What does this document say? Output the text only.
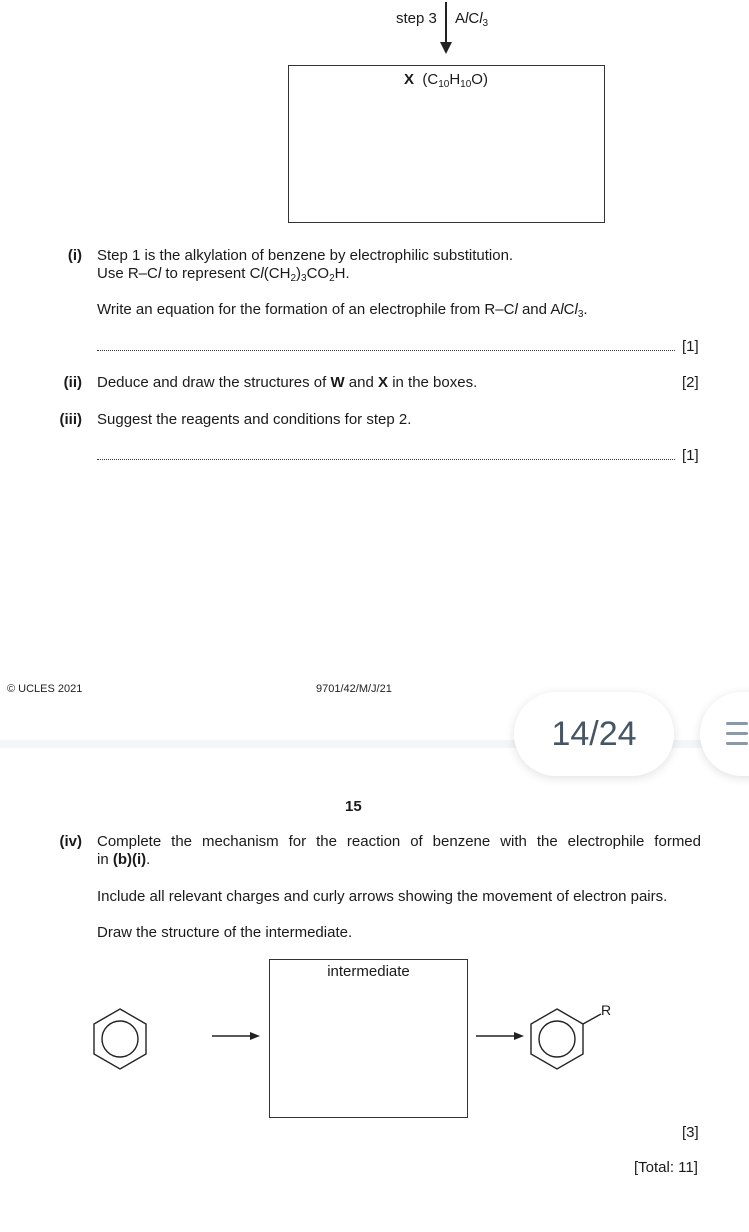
step 3 AlCl$_3$
X $(C_{10}H_{10}O)$
(i) Step 1 is the alkylation of benzene by electrophilic substitution.
Use R–Cl to represent $Cl(CH_2)_3CO_2H$.
Write an equation for the formation of an electrophile from R–Cl and AlCl$_3$.
[1]
(ii) Deduce and draw the structures of W and X in the boxes.	[2]
(iii) Suggest the reagents and conditions for step 2.
[1]
© UCLES 2021	9701/42/M/J/21
14/24
15
(iv) Complete the mechanism for the reaction of benzene with the electrophile formed
in (b)(i).
Include all relevant charges and curly arrows showing the movement of electron pairs.
Draw the structure of the intermediate.
intermediate
R
[3]
[Total: 11]
